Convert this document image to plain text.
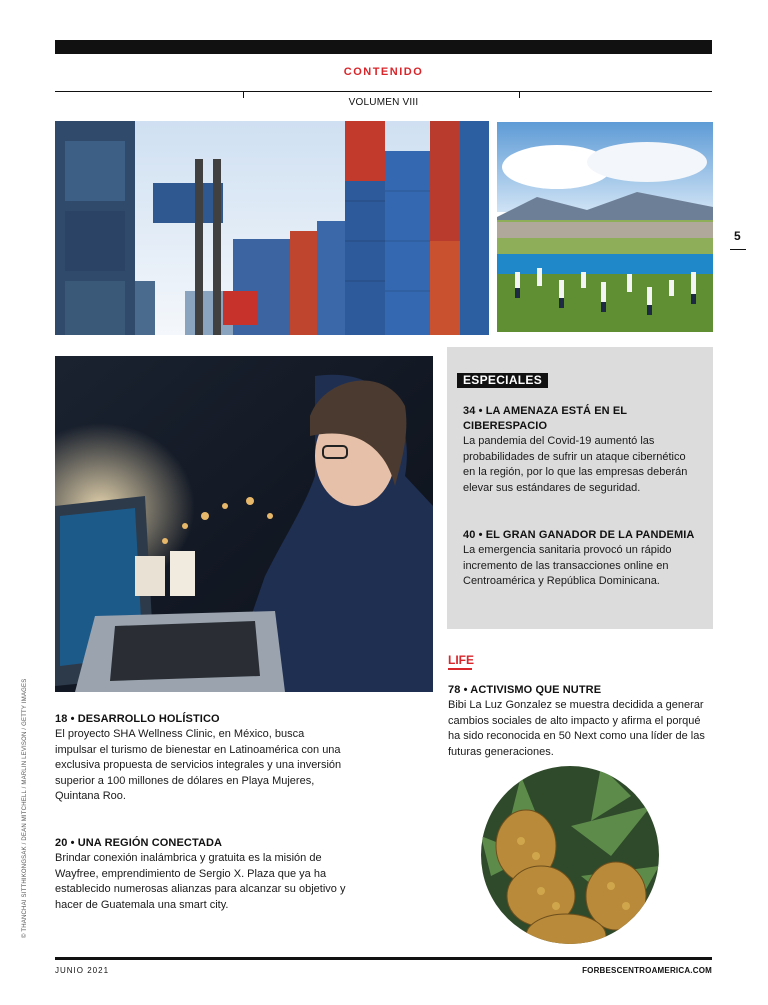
CONTENIDO
VOLUMEN VIII
5
ESPECIALES
34 • LA AMENAZA ESTÁ EN EL CIBERESPACIO
La pandemia del Covid-19 aumentó las probabilidades de sufrir un ataque cibernético en la región, por lo que las empresas deberán elevar sus estándares de seguridad.
40 • EL GRAN GANADOR DE LA PANDEMIA
La emergencia sanitaria provocó un rápido incremento de las transacciones online en Centroamérica y República Dominicana.
LIFE
78 • ACTIVISMO QUE NUTRE
Bibi La Luz Gonzalez se muestra decidida a generar cambios sociales de alto impacto y afirma el porqué ha sido reconocida en 50 Next como una líder de las futuras generaciones.
18 • DESARROLLO HOLÍSTICO
El proyecto SHA Wellness Clinic, en México, busca impulsar el turismo de bienestar en Latinoamérica con una exclusiva propuesta de servicios integrales y una inversión superior a 100 millones de dólares en Playa Mujeres, Quintana Roo.
20 • UNA REGIÓN CONECTADA
Brindar conexión inalámbrica y gratuita es la misión de Wayfree, emprendimiento de Sergio X. Plaza que ya ha establecido numerosas alianzas para alcanzar su objetivo y hacer de Guatemala una smart city.
© THANCHAI SITTHIKONGSAK / DEAN MITCHELL / MARLIN LEVISON / GETTY IMAGES
JUNIO 2021	FORBESCENTROAMERICA.COM
